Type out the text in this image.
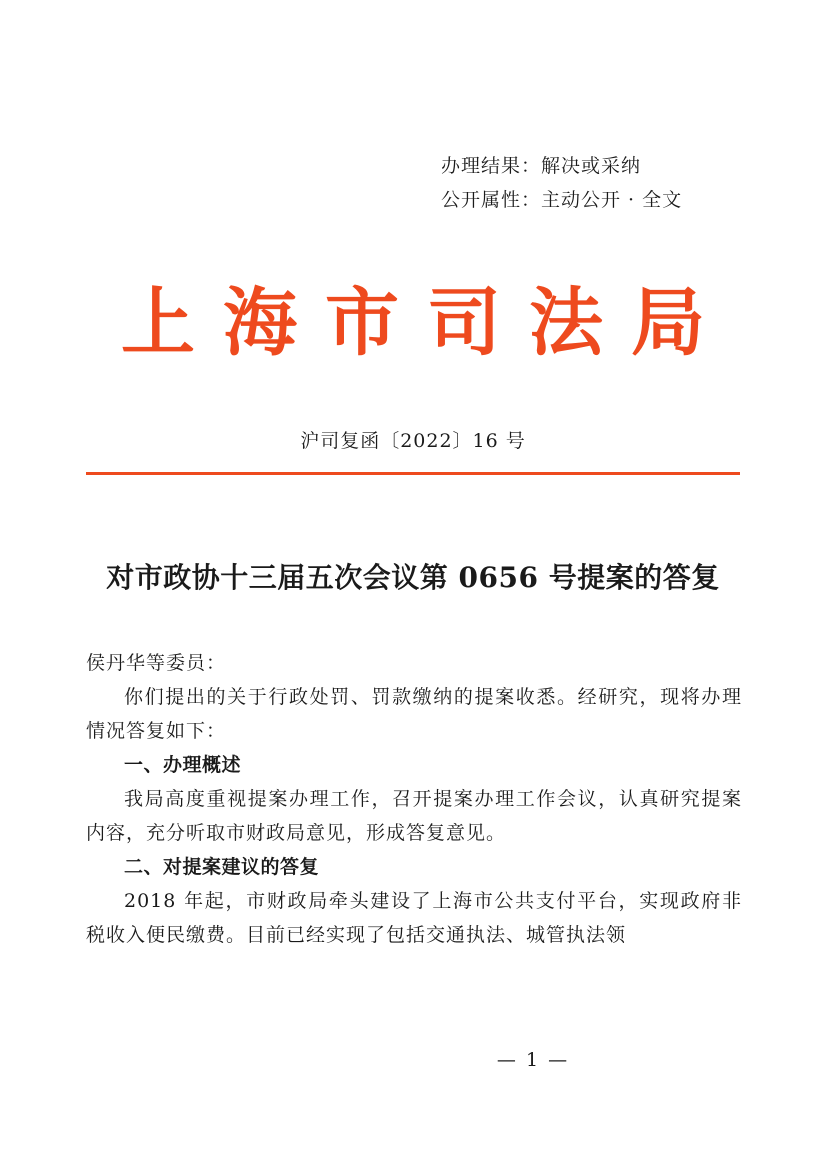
办理结果：解决或采纳
公开属性：主动公开 · 全文
上海市司法局
沪司复函〔2022〕16 号
对市政协十三届五次会议第 0656 号提案的答复

侯丹华等委员：

你们提出的关于行政处罚、罚款缴纳的提案收悉。经研究，现将办理情况答复如下：

一、办理概述

我局高度重视提案办理工作，召开提案办理工作会议，认真研究提案内容，充分听取市财政局意见，形成答复意见。

二、对提案建议的答复

2018 年起，市财政局牵头建设了上海市公共支付平台，实现政府非税收入便民缴费。目前已经实现了包括交通执法、城管执法领

— 1 —
